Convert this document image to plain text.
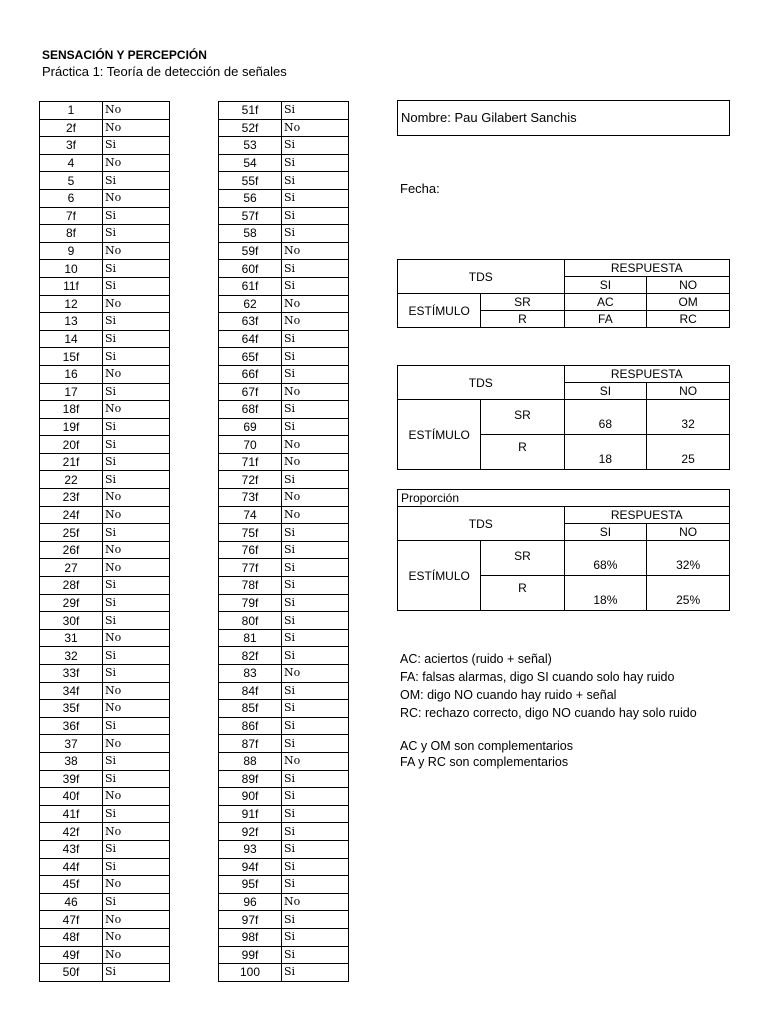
SENSACIÓN Y PERCEPCIÓN
Práctica 1: Teoría de detección de señales
1	No
2f	No
3f	Si
4	No
5	Si
6	No
7f	Si
8f	Si
9	No
10	Si
11f	Si
12	No
13	Si
14	Si
15f	Si
16	No
17	Si
18f	No
19f	Si
20f	Si
21f	Si
22	Si
23f	No
24f	No
25f	Si
26f	No
27	No
28f	Si
29f	Si
30f	Si
31	No
32	Si
33f	Si
34f	No
35f	No
36f	Si
37	No
38	Si
39f	Si
40f	No
41f	Si
42f	No
43f	Si
44f	Si
45f	No
46	Si
47f	No
48f	No
49f	No
50f	Si
51f	Si
52f	No
53	Si
54	Si
55f	Si
56	Si
57f	Si
58	Si
59f	No
60f	Si
61f	Si
62	No
63f	No
64f	Si
65f	Si
66f	Si
67f	No
68f	Si
69	Si
70	No
71f	No
72f	Si
73f	No
74	No
75f	Si
76f	Si
77f	Si
78f	Si
79f	Si
80f	Si
81	Si
82f	Si
83	No
84f	Si
85f	Si
86f	Si
87f	Si
88	No
89f	Si
90f	Si
91f	Si
92f	Si
93	Si
94f	Si
95f	Si
96	No
97f	Si
98f	Si
99f	Si
100	Si
Nombre: Pau Gilabert Sanchis
Fecha:
TDS		RESPUESTA	
		SI	NO
ESTÍMULO	SR	AC	OM
	R	FA	RC
TDS		RESPUESTA	
		SI	NO
ESTÍMULO	SR	68	32
	R	18	25
Proporción
TDS		RESPUESTA	
		SI	NO
ESTÍMULO	SR	68%	32%
	R	18%	25%
AC: aciertos (ruido + señal)
FA: falsas alarmas, digo SI cuando solo hay ruido
OM: digo NO cuando hay ruido + señal
RC: rechazo correcto, digo NO cuando hay solo ruido
AC y OM son complementarios
FA y RC son complementarios
